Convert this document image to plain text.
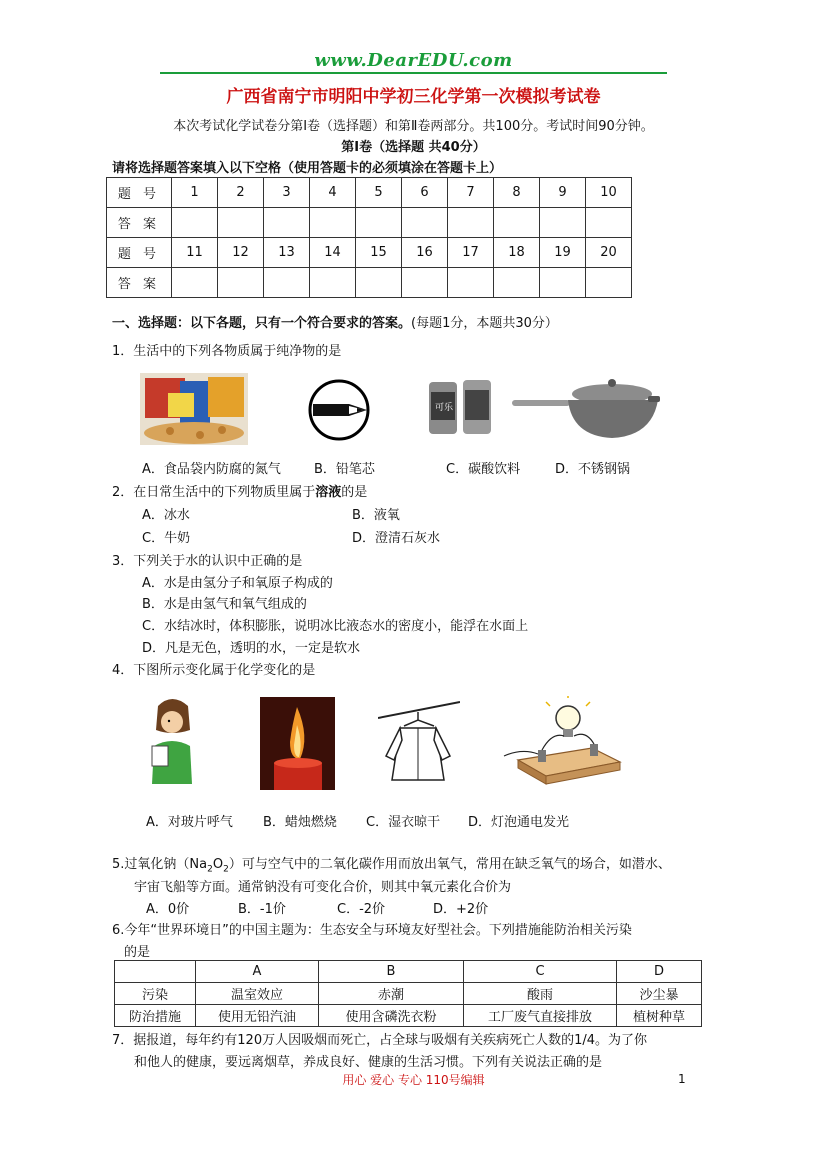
www.DearEDU.com
广西省南宁市明阳中学初三化学第一次模拟考试卷
本次考试化学试卷分第Ⅰ卷（选择题）和第Ⅱ卷两部分。共100分。考试时间90分钟。
第Ⅰ卷（选择题 共40分）
请将选择题答案填入以下空格（使用答题卡的必须填涂在答题卡上）
题 号	1	2	3	4	5	6	7	8	9	10
答 案										
题 号	11	12	13	14	15	16	17	18	19	20
答 案										
一、选择题：以下各题，只有一个符合要求的答案。(每题1分，本题共30分）
1．生活中的下列各物质属于纯净物的是
可乐
A．食品袋内防腐的氮气	B．铅笔芯	C．碳酸饮料	D．不锈钢锅
2．在日常生活中的下列物质里属于溶液的是
A．冰水	B．液氧
C．牛奶	D．澄清石灰水
3．下列关于水的认识中正确的是
A．水是由氢分子和氧原子构成的
B．水是由氢气和氧气组成的
C．水结冰时，体积膨胀，说明冰比液态水的密度小，能浮在水面上
D．凡是无色，透明的水，一定是软水
4．下图所示变化属于化学变化的是
A．对玻片呼气 B．蜡烛燃烧 C．湿衣晾干 D．灯泡通电发光
5.过氧化钠$(Na_2O_2)$可与空气中的二氧化碳作用而放出氧气，常用在缺乏氧气的场合，如潜水、
宇宙飞船等方面。通常钠没有可变化合价，则其中氧元素化合价为
A．0价	B．-1价	C．-2价	D．+2价
6.今年“世界环境日”的中国主题为：生态安全与环境友好型社会。下列措施能防治相关污染
的是
	A	B	C	D
污染	温室效应	赤潮	酸雨	沙尘暴
防治措施	使用无铅汽油	使用含磷洗衣粉	工厂废气直接排放	植树种草
7．据报道，每年约有120万人因吸烟而死亡，占全球与吸烟有关疾病死亡人数的1/4。为了你
和他人的健康，要远离烟草，养成良好、健康的生活习惯。下列有关说法正确的是
用心 爱心 专心 110号编辑	1
